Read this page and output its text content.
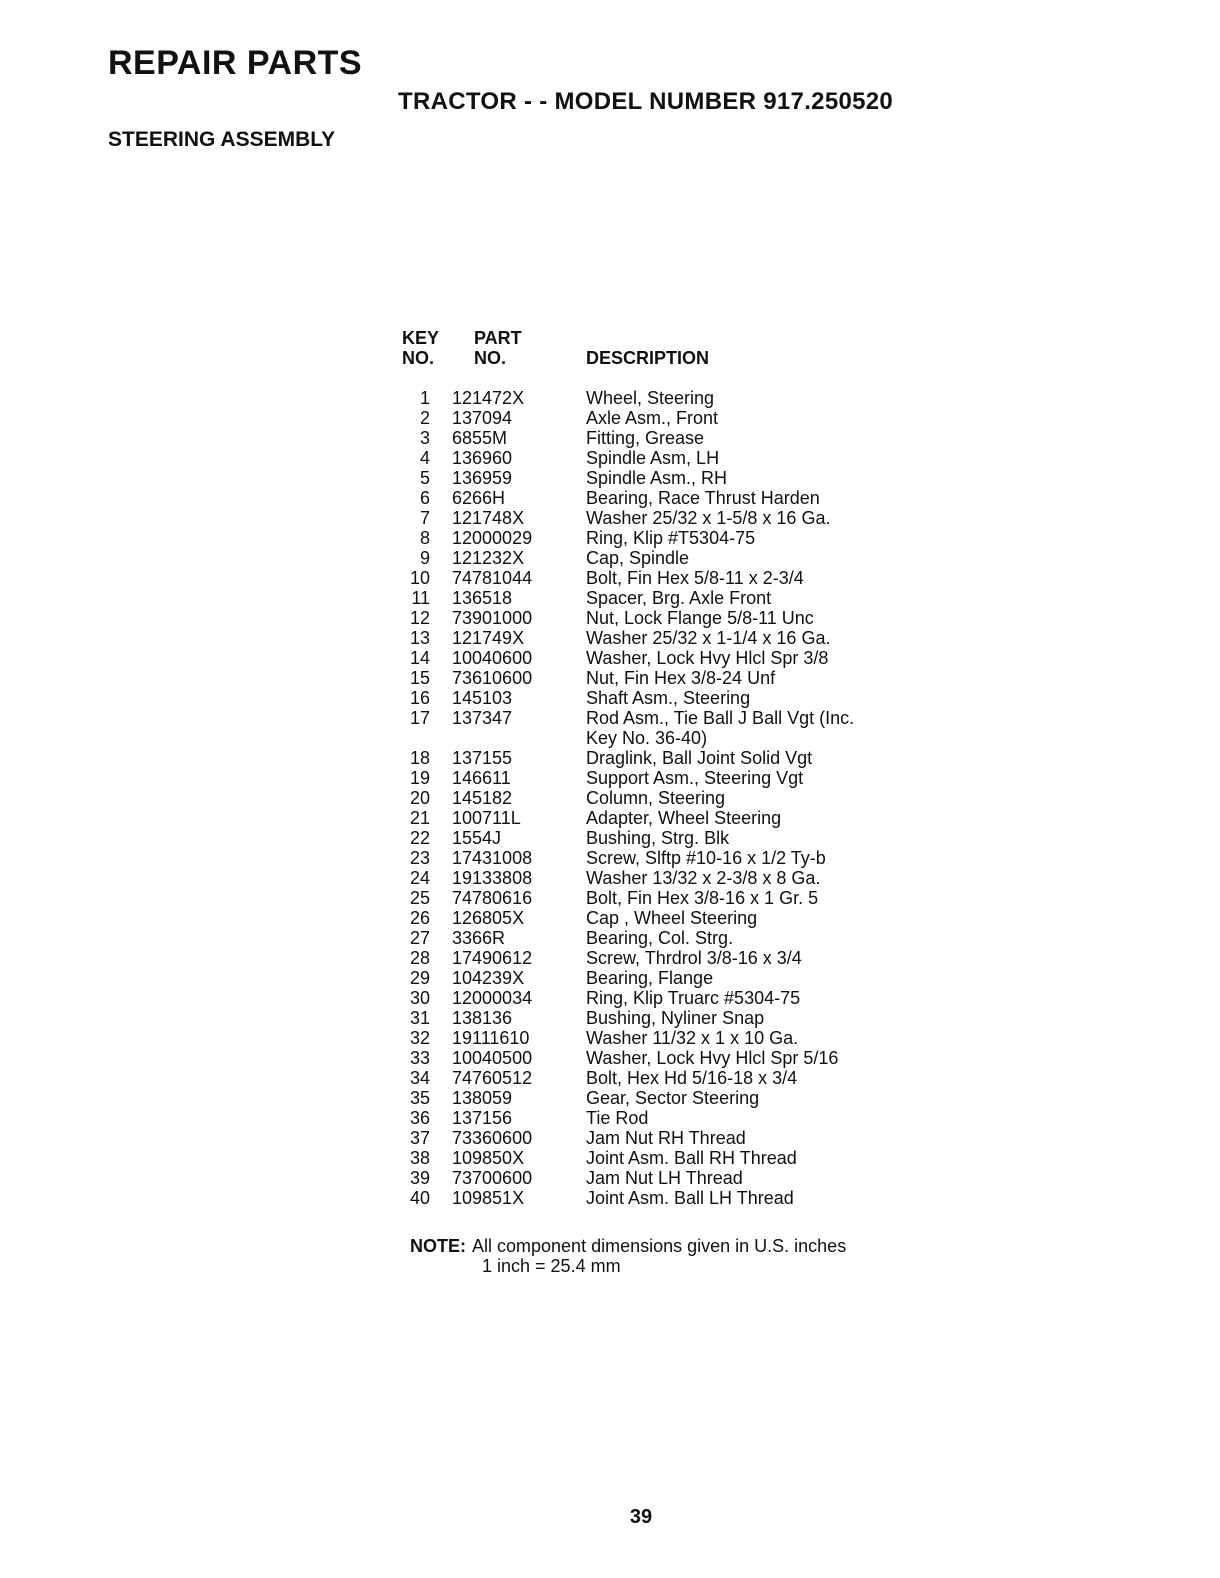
REPAIR PARTS
TRACTOR - - MODEL NUMBER 917.250520
STEERING ASSEMBLY
KEY
NO.
PART
NO.	DESCRIPTION
1 121472X	Wheel, Steering
2 137094	Axle Asm., Front
3 6855M	Fitting, Grease
4 136960	Spindle Asm, LH
5 136959	Spindle Asm., RH
6 6266H	Bearing, Race Thrust Harden
7 121748X	Washer 25/32 x 1-5/8 x 16 Ga.
8 12000029	Ring, Klip #T5304-75
9 121232X	Cap, Spindle
10 74781044	Bolt, Fin Hex 5/8-11 x 2-3/4
11 136518	Spacer, Brg. Axle Front
12 73901000	Nut, Lock Flange 5/8-11 Unc
13 121749X	Washer 25/32 x 1-1/4 x 16 Ga.
14 10040600	Washer, Lock Hvy Hlcl Spr 3/8
15 73610600	Nut, Fin Hex 3/8-24 Unf
16 145103	Shaft Asm., Steering
17 137347	Rod Asm., Tie Ball J Ball Vgt (Inc.
Key No. 36-40)
18 137155	Draglink, Ball Joint Solid Vgt
19 146611	Support Asm., Steering Vgt
20 145182	Column, Steering
21 100711L	Adapter, Wheel Steering
22 1554J	Bushing, Strg. Blk
23 17431008	Screw, Slftp #10-16 x 1/2 Ty-b
24 19133808	Washer 13/32 x 2-3/8 x 8 Ga.
25 74780616	Bolt, Fin Hex 3/8-16 x 1 Gr. 5
26 126805X	Cap , Wheel Steering
27 3366R	Bearing, Col. Strg.
28 17490612	Screw, Thrdrol 3/8-16 x 3/4
29 104239X	Bearing, Flange
30 12000034	Ring, Klip Truarc #5304-75
31 138136	Bushing, Nyliner Snap
32 19111610	Washer 11/32 x 1 x 10 Ga.
33 10040500	Washer, Lock Hvy Hlcl Spr 5/16
34 74760512	Bolt, Hex Hd 5/16-18 x 3/4
35 138059	Gear, Sector Steering
36 137156	Tie Rod
37 73360600	Jam Nut RH Thread
38 109850X	Joint Asm. Ball RH Thread
39 73700600	Jam Nut LH Thread
40 109851X	Joint Asm. Ball LH Thread
NOTE: All component dimensions given in U.S. inches
1 inch = 25.4 mm
39
